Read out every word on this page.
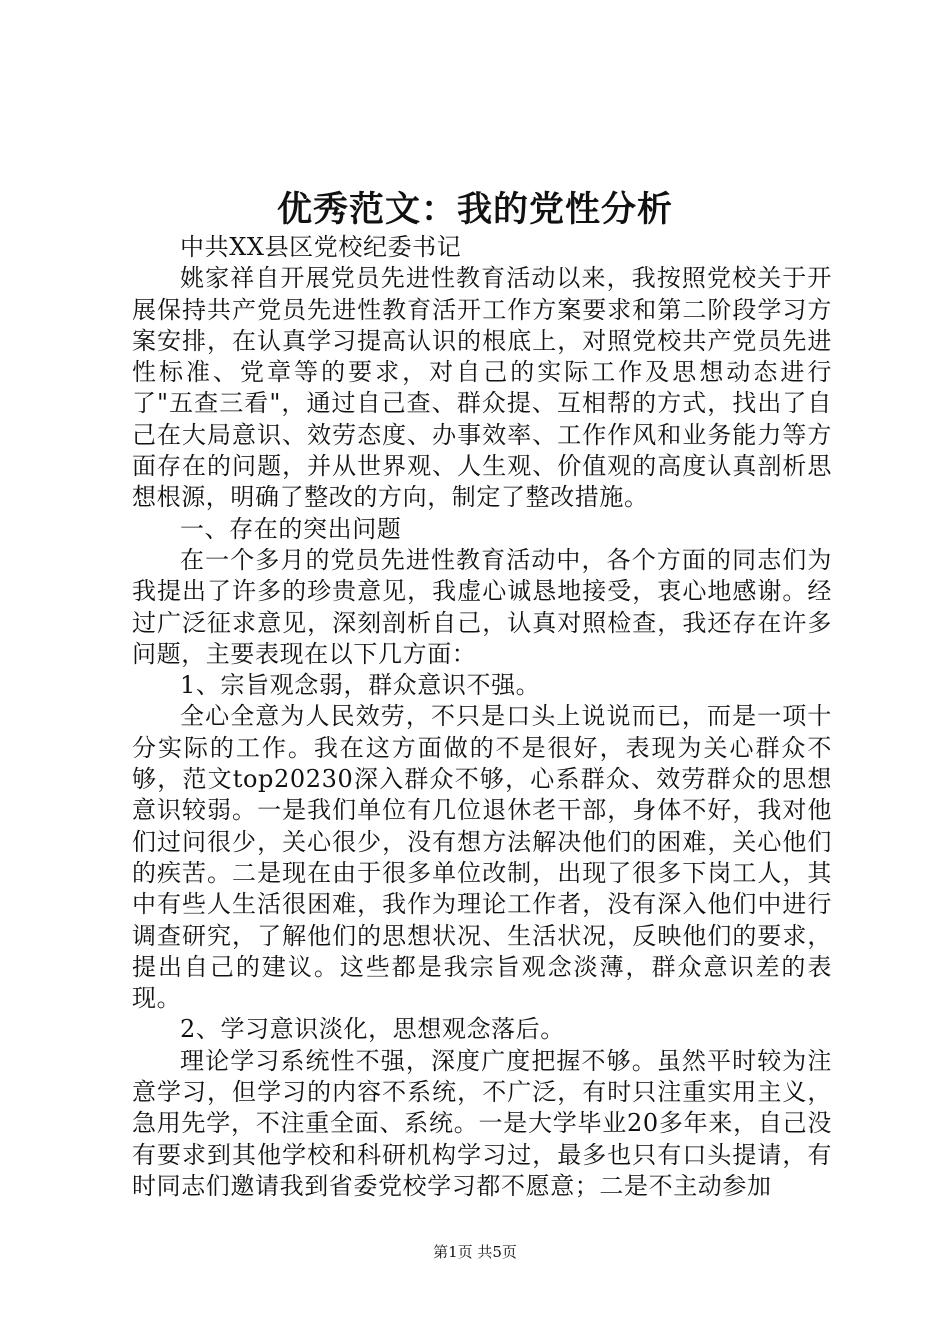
优秀范文：我的党性分析

中共XX县区党校纪委书记

姚家祥自开展党员先进性教育活动以来，我按照党校关于开展保持共产党员先进性教育活开工作方案要求和第二阶段学习方案安排，在认真学习提高认识的根底上，对照党校共产党员先进性标准、党章等的要求，对自己的实际工作及思想动态进行了"五查三看"，通过自己查、群众提、互相帮的方式，找出了自己在大局意识、效劳态度、办事效率、工作作风和业务能力等方面存在的问题，并从世界观、人生观、价值观的高度认真剖析思想根源，明确了整改的方向，制定了整改措施。

一、存在的突出问题

在一个多月的党员先进性教育活动中，各个方面的同志们为我提出了许多的珍贵意见，我虚心诚恳地接受，衷心地感谢。经过广泛征求意见，深刻剖析自己，认真对照检查，我还存在许多问题，主要表现在以下几方面：

1、宗旨观念弱，群众意识不强。

全心全意为人民效劳，不只是口头上说说而已，而是一项十分实际的工作。我在这方面做的不是很好，表现为关心群众不够，范文top20230深入群众不够，心系群众、效劳群众的思想意识较弱。一是我们单位有几位退休老干部，身体不好，我对他们过问很少，关心很少，没有想方法解决他们的困难，关心他们的疾苦。二是现在由于很多单位改制，出现了很多下岗工人，其中有些人生活很困难，我作为理论工作者，没有深入他们中进行调查研究，了解他们的思想状况、生活状况，反映他们的要求，提出自己的建议。这些都是我宗旨观念淡薄，群众意识差的表现。

2、学习意识淡化，思想观念落后。

理论学习系统性不强，深度广度把握不够。虽然平时较为注意学习，但学习的内容不系统，不广泛，有时只注重实用主义，急用先学，不注重全面、系统。一是大学毕业20多年来，自己没有要求到其他学校和科研机构学习过，最多也只有口头提请，有时同志们邀请我到省委党校学习都不愿意；二是不主动参加

第1页 共5页
